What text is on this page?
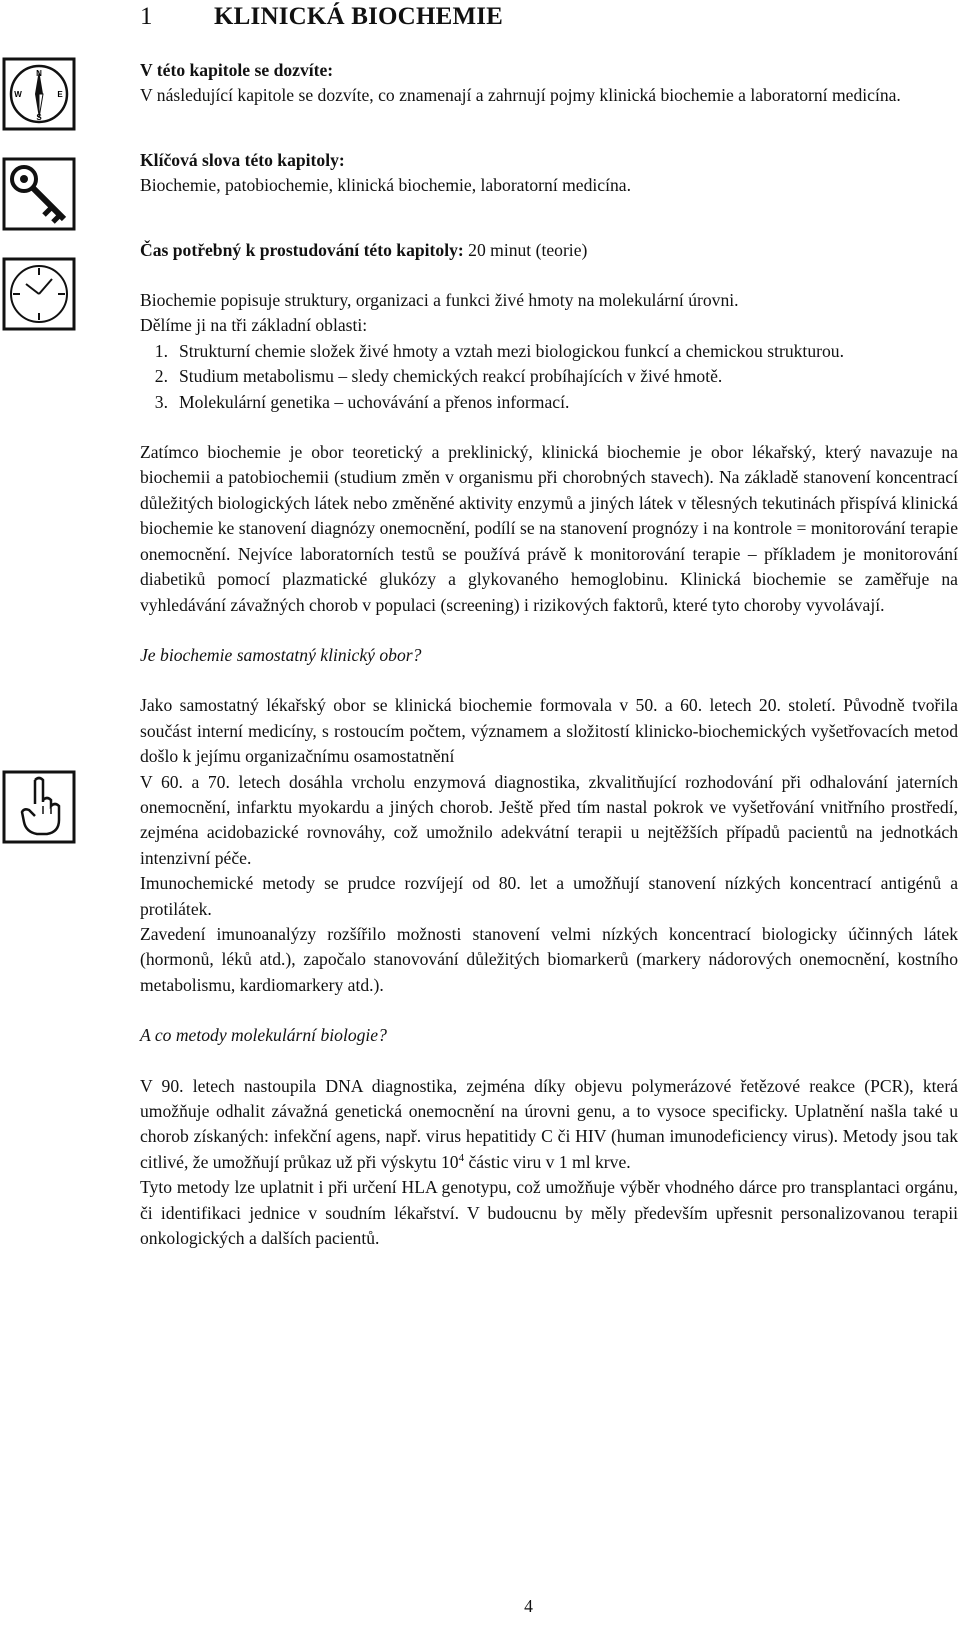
1 KLINICKÁ BIOCHEMIE
N
W	E
S

V této kapitole se dozvíte:

V následující kapitole se dozvíte, co znamenají a zahrnují pojmy klinická biochemie a laboratorní medicína.

Klíčová slova této kapitoly:

Biochemie, patobiochemie, klinická biochemie, laboratorní medicína.

Čas potřebný k prostudování této kapitoly: 20 minut (teorie)

Biochemie popisuje struktury, organizaci a funkci živé hmoty na molekulární úrovni.

Dělíme ji na tři základní oblasti:

1. Strukturní chemie složek živé hmoty a vztah mezi biologickou funkcí a chemickou strukturou.
2. Studium metabolismu – sledy chemických reakcí probíhajících v živé hmotě.
3. Molekulární genetika – uchovávání a přenos informací.

Zatímco biochemie je obor teoretický a preklinický, klinická biochemie je obor lékařský, který navazuje na biochemii a patobiochemii (studium změn v organismu při chorobných stavech). Na základě stanovení koncentrací důležitých biologických látek nebo změněné aktivity enzymů a jiných látek v tělesných tekutinách přispívá klinická biochemie ke stanovení diagnózy onemocnění, podílí se na stanovení prognózy i na kontrole = monitorování terapie onemocnění. Nejvíce laboratorních testů se používá právě k monitorování terapie – příkladem je monitorování diabetiků pomocí plazmatické glukózy a glykovaného hemoglobinu. Klinická biochemie se zaměřuje na vyhledávání závažných chorob v populaci (screening) i rizikových faktorů, které tyto choroby vyvolávají.

Je biochemie samostatný klinický obor?

Jako samostatný lékařský obor se klinická biochemie formovala v 50. a 60. letech 20. století. Původně tvořila součást interní medicíny, s rostoucím počtem, významem a složitostí klinicko-biochemických vyšetřovacích metod došlo k jejímu organizačnímu osamostatnění

V 60. a 70. letech dosáhla vrcholu enzymová diagnostika, zkvalitňující rozhodování při odhalování jaterních onemocnění, infarktu myokardu a jiných chorob. Ještě před tím nastal pokrok ve vyšetřování vnitřního prostředí, zejména acidobazické rovnováhy, což umožnilo adekvátní terapii u nejtěžších případů pacientů na jednotkách intenzivní péče.

Imunochemické metody se prudce rozvíjejí od 80. let a umožňují stanovení nízkých koncentrací antigénů a protilátek.

Zavedení imunoanalýzy rozšířilo možnosti stanovení velmi nízkých koncentrací biologicky účinných látek (hormonů, léků atd.), započalo stanovování důležitých biomarkerů (markery nádorových onemocnění, kostního metabolismu, kardiomarkery atd.).

A co metody molekulární biologie?

V 90. letech nastoupila DNA diagnostika, zejména díky objevu polymerázové řetězové reakce (PCR), která umožňuje odhalit závažná genetická onemocnění na úrovni genu, a to vysoce specificky. Uplatnění našla také u chorob získaných: infekční agens, např. virus hepatitidy C či HIV (human imunodeficiency virus). Metody jsou tak citlivé, že umožňují průkaz už při výskytu $10^4$ částic viru v 1 ml krve.

Tyto metody lze uplatnit i při určení HLA genotypu, což umožňuje výběr vhodného dárce pro transplantaci orgánu, či identifikaci jednice v soudním lékařství. V budoucnu by měly především upřesnit personalizovanou terapii onkologických a dalších pacientů.

4
